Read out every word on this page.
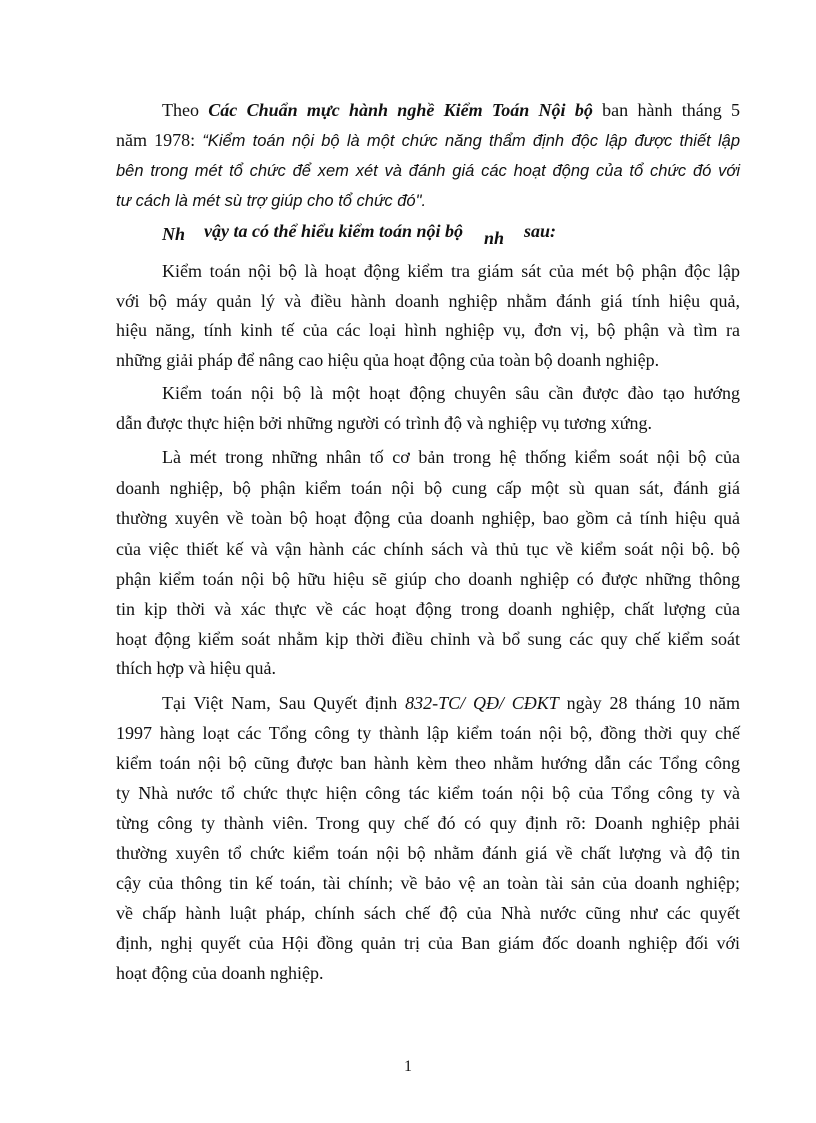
Theo Các Chuẩn mực hành nghề Kiểm Toán Nội bộ ban hành tháng 5
năm 1978: “Kiểm toán nội bộ là một chức năng thẩm định độc lập được thiết lập
bên trong mét tổ chức để xem xét và đánh giá các hoạt động của tổ chức đó với
tư cách là mét sù trợ giúp cho tổ chức đó".
Nh vậy ta có thể hiểu kiểm toán nội bộ nh sau:
Kiểm toán nội bộ là hoạt động kiểm tra giám sát của mét bộ phận độc lập
với bộ máy quản lý và điều hành doanh nghiệp nhằm đánh giá tính hiệu quả,
hiệu năng, tính kinh tế của các loại hình nghiệp vụ, đơn vị, bộ phận và tìm ra
những giải pháp để nâng cao hiệu qủa hoạt động của toàn bộ doanh nghiệp.
Kiểm toán nội bộ là một hoạt động chuyên sâu cần được đào tạo hướng
dẫn được thực hiện bởi những người có trình độ và nghiệp vụ tương xứng.
Là mét trong những nhân tố cơ bản trong hệ thống kiểm soát nội bộ của
doanh nghiệp, bộ phận kiểm toán nội bộ cung cấp một sù quan sát, đánh giá
thường xuyên về toàn bộ hoạt động của doanh nghiệp, bao gồm cả tính hiệu quả
của việc thiết kế và vận hành các chính sách và thủ tục về kiểm soát nội bộ. bộ
phận kiểm toán nội bộ hữu hiệu sẽ giúp cho doanh nghiệp có được những thông
tin kịp thời và xác thực về các hoạt động trong doanh nghiệp, chất lượng của
hoạt động kiểm soát nhằm kịp thời điều chỉnh và bổ sung các quy chế kiểm soát
thích hợp và hiệu quả.
Tại Việt Nam, Sau Quyết định 832-TC/ QĐ/ CĐKT ngày 28 tháng 10 năm
1997 hàng loạt các Tổng công ty thành lập kiểm toán nội bộ, đồng thời quy chế
kiểm toán nội bộ cũng được ban hành kèm theo nhằm hướng dẫn các Tổng công
ty Nhà nước tổ chức thực hiện công tác kiểm toán nội bộ của Tổng công ty và
từng công ty thành viên. Trong quy chế đó có quy định rõ: Doanh nghiệp phải
thường xuyên tổ chức kiểm toán nội bộ nhằm đánh giá về chất lượng và độ tin
cậy của thông tin kế toán, tài chính; về bảo vệ an toàn tài sản của doanh nghiệp;
về chấp hành luật pháp, chính sách chế độ của Nhà nước cũng như các quyết
định, nghị quyết của Hội đồng quản trị của Ban giám đốc doanh nghiệp đối với
hoạt động của doanh nghiệp.
1
